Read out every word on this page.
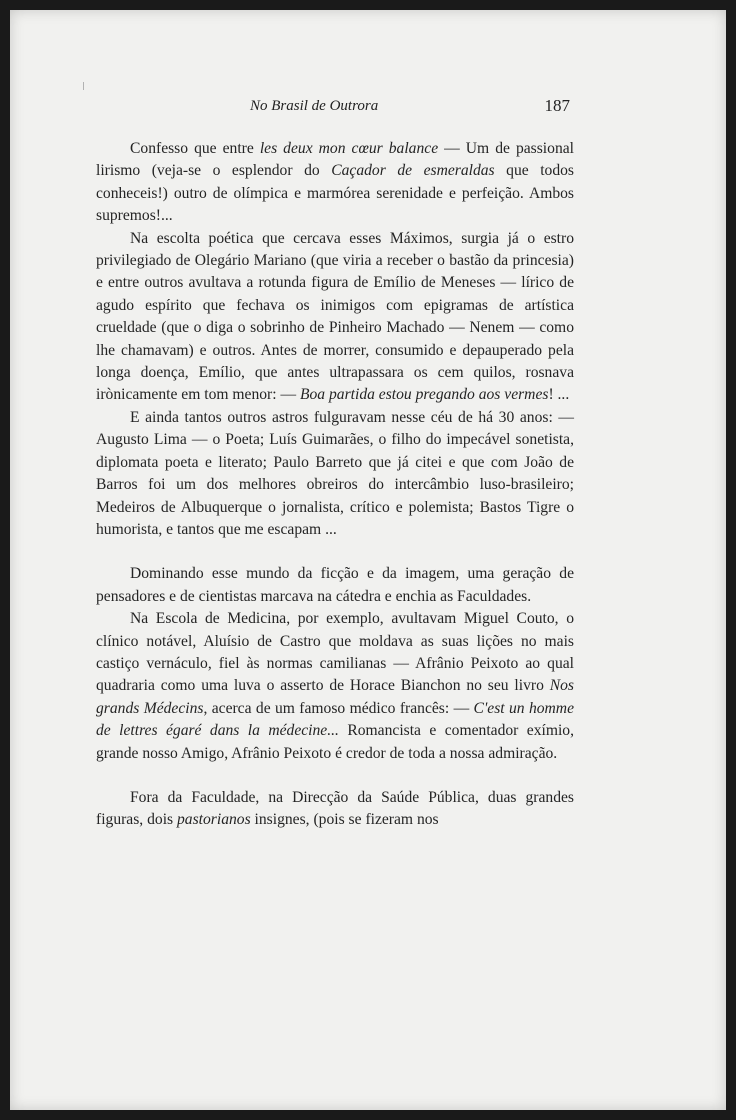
No Brasil de Outrora	187

Confesso que entre les deux mon cœur balance — Um de passional lirismo (veja-se o esplendor do Caçador de esmeraldas que todos conheceis!) outro de olímpica e marmórea serenidade e perfeição. Ambos supremos!...

Na escolta poética que cercava esses Máximos, surgia já o estro privilegiado de Olegário Mariano (que viria a receber o bastão da princesia) e entre outros avultava a rotunda figura de Emílio de Meneses — lírico de agudo espírito que fechava os inimigos com epigramas de artística crueldade (que o diga o sobrinho de Pinheiro Machado — Nenem — como lhe chamavam) e outros. Antes de morrer, consumido e depauperado pela longa doença, Emílio, que antes ultrapassara os cem quilos, rosnava irònicamente em tom menor: — Boa partida estou pregando aos vermes! ...

E ainda tantos outros astros fulguravam nesse céu de há 30 anos: — Augusto Lima — o Poeta; Luís Guimarães, o filho do impecável sonetista, diplomata poeta e literato; Paulo Barreto que já citei e que com João de Barros foi um dos melhores obreiros do intercâmbio luso-brasileiro; Medeiros de Albuquerque o jornalista, crítico e polemista; Bastos Tigre o humorista, e tantos que me escapam ...

Dominando esse mundo da ficção e da imagem, uma geração de pensadores e de cientistas marcava na cátedra e enchia as Faculdades.

Na Escola de Medicina, por exemplo, avultavam Miguel Couto, o clínico notável, Aluísio de Castro que moldava as suas lições no mais castiço vernáculo, fiel às normas camilianas — Afrânio Peixoto ao qual quadraria como uma luva o asserto de Horace Bianchon no seu livro Nos grands Médecins, acerca de um famoso médico francês: — C'est un homme de lettres égaré dans la médecine... Romancista e comentador exímio, grande nosso Amigo, Afrânio Peixoto é credor de toda a nossa admiração.

Fora da Faculdade, na Direcção da Saúde Pública, duas grandes figuras, dois pastorianos insignes, (pois se fizeram nos
